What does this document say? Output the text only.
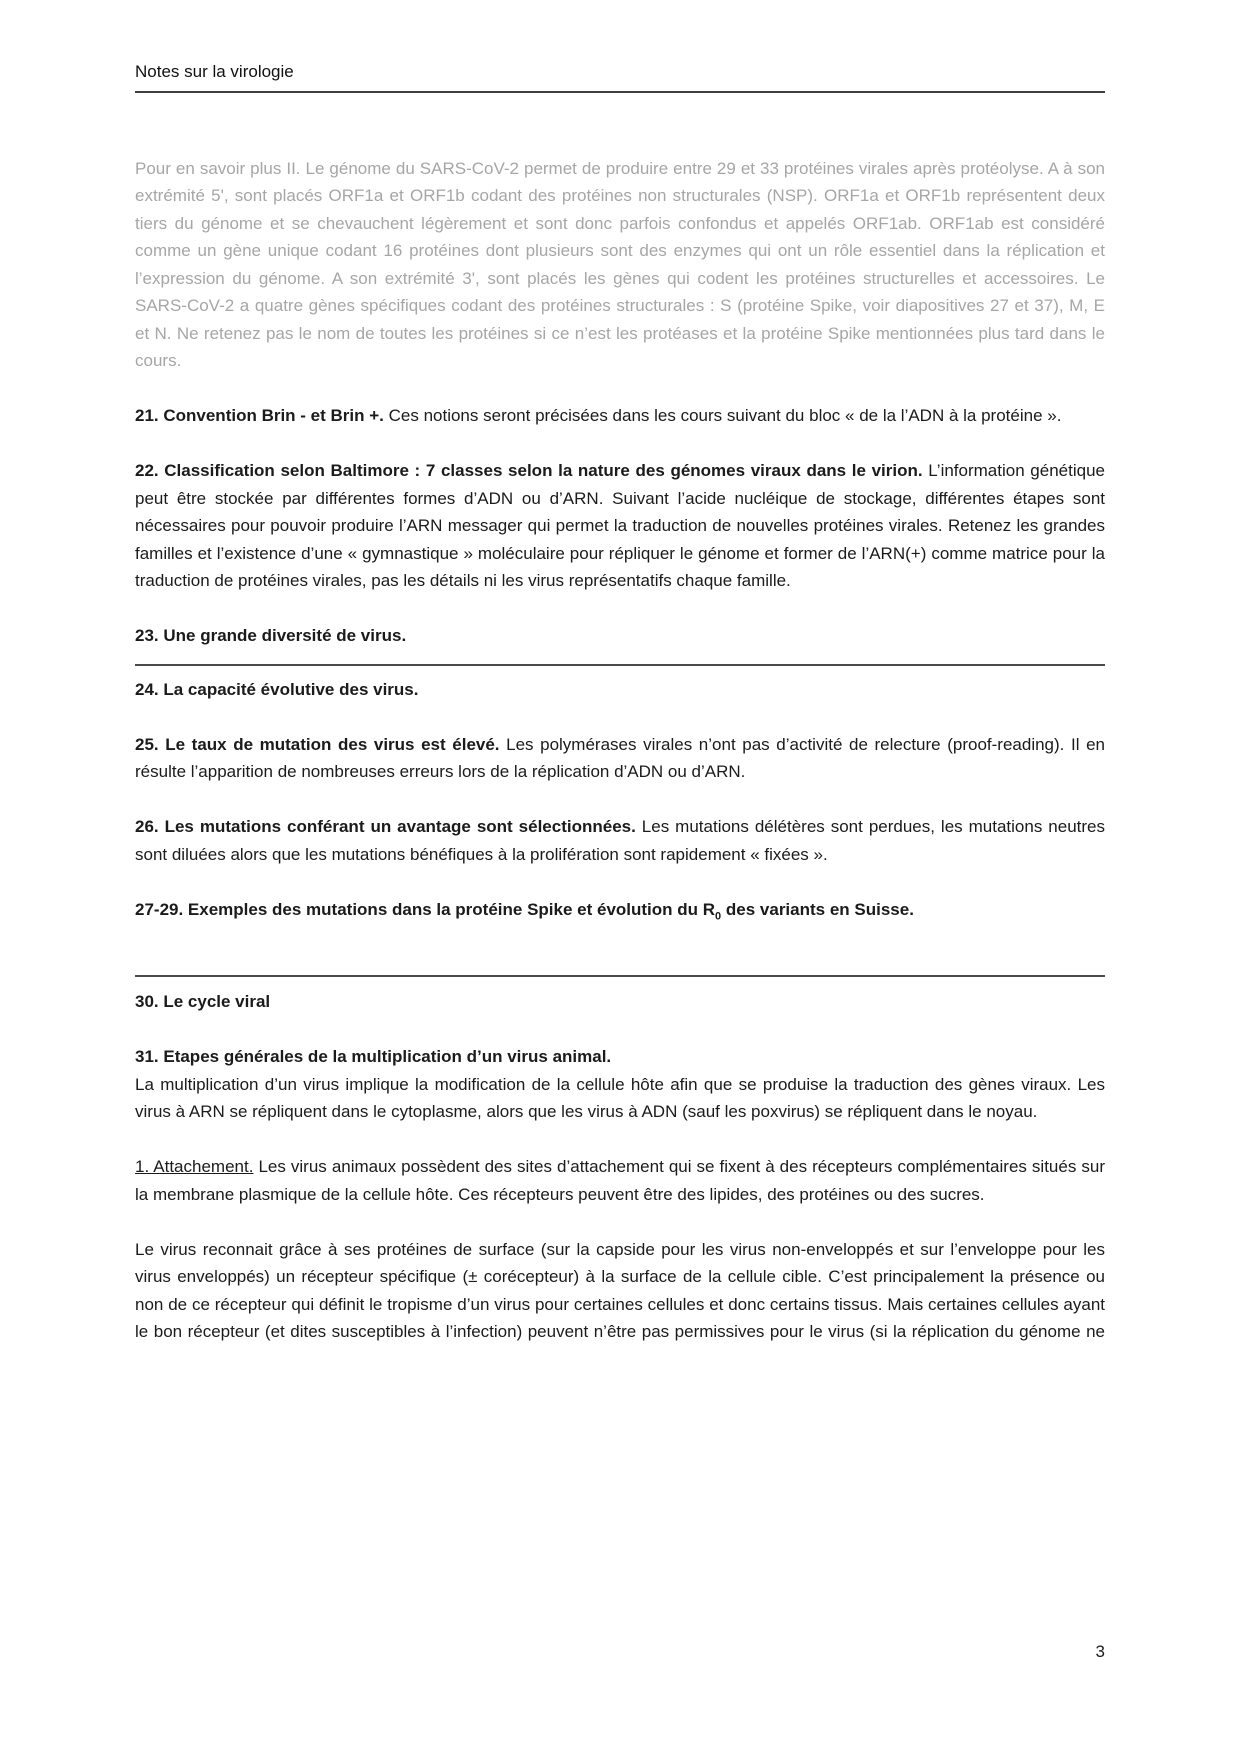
Notes sur la virologie

Pour en savoir plus II. Le génome du SARS-CoV-2 permet de produire entre 29 et 33 protéines virales après protéolyse. A à son extrémité 5', sont placés ORF1a et ORF1b codant des protéines non structurales (NSP). ORF1a et ORF1b représentent deux tiers du génome et se chevauchent légèrement et sont donc parfois confondus et appelés ORF1ab. ORF1ab est considéré comme un gène unique codant 16 protéines dont plusieurs sont des enzymes qui ont un rôle essentiel dans la réplication et l’expression du génome. A son extrémité 3', sont placés les gènes qui codent les protéines structurelles et accessoires. Le SARS-CoV-2 a quatre gènes spécifiques codant des protéines structurales : S (protéine Spike, voir diapositives 27 et 37), M, E et N. Ne retenez pas le nom de toutes les protéines si ce n’est les protéases et la protéine Spike mentionnées plus tard dans le cours.

21. Convention Brin - et Brin +. Ces notions seront précisées dans les cours suivant du bloc « de la l’ADN à la protéine ».

22. Classification selon Baltimore : 7 classes selon la nature des génomes viraux dans le virion. L’information génétique peut être stockée par différentes formes d’ADN ou d’ARN. Suivant l’acide nucléique de stockage, différentes étapes sont nécessaires pour pouvoir produire l’ARN messager qui permet la traduction de nouvelles protéines virales. Retenez les grandes familles et l’existence d’une « gymnastique » moléculaire pour répliquer le génome et former de l’ARN(+) comme matrice pour la traduction de protéines virales, pas les détails ni les virus représentatifs chaque famille.

23. Une grande diversité de virus.

24. La capacité évolutive des virus.

25. Le taux de mutation des virus est élevé. Les polymérases virales n’ont pas d’activité de relecture (proof-reading). Il en résulte l’apparition de nombreuses erreurs lors de la réplication d’ADN ou d’ARN.

26. Les mutations conférant un avantage sont sélectionnées. Les mutations délétères sont perdues, les mutations neutres sont diluées alors que les mutations bénéfiques à la prolifération sont rapidement « fixées ».

27-29. Exemples des mutations dans la protéine Spike et évolution du $R_0$ des variants en Suisse.

30. Le cycle viral

31. Etapes générales de la multiplication d’un virus animal.
La multiplication d’un virus implique la modification de la cellule hôte afin que se produise la traduction des gènes viraux. Les virus à ARN se répliquent dans le cytoplasme, alors que les virus à ADN (sauf les poxvirus) se répliquent dans le noyau.

1. Attachement. Les virus animaux possèdent des sites d’attachement qui se fixent à des récepteurs complémentaires situés sur la membrane plasmique de la cellule hôte. Ces récepteurs peuvent être des lipides, des protéines ou des sucres.

Le virus reconnait grâce à ses protéines de surface (sur la capside pour les virus non-enveloppés et sur l’enveloppe pour les virus enveloppés) un récepteur spécifique (± corécepteur) à la surface de la cellule cible. C’est principalement la présence ou non de ce récepteur qui définit le tropisme d’un virus pour certaines cellules et donc certains tissus. Mais certaines cellules ayant le bon récepteur (et dites susceptibles à l’infection) peuvent n’être pas permissives pour le virus (si la réplication du génome ne

3
